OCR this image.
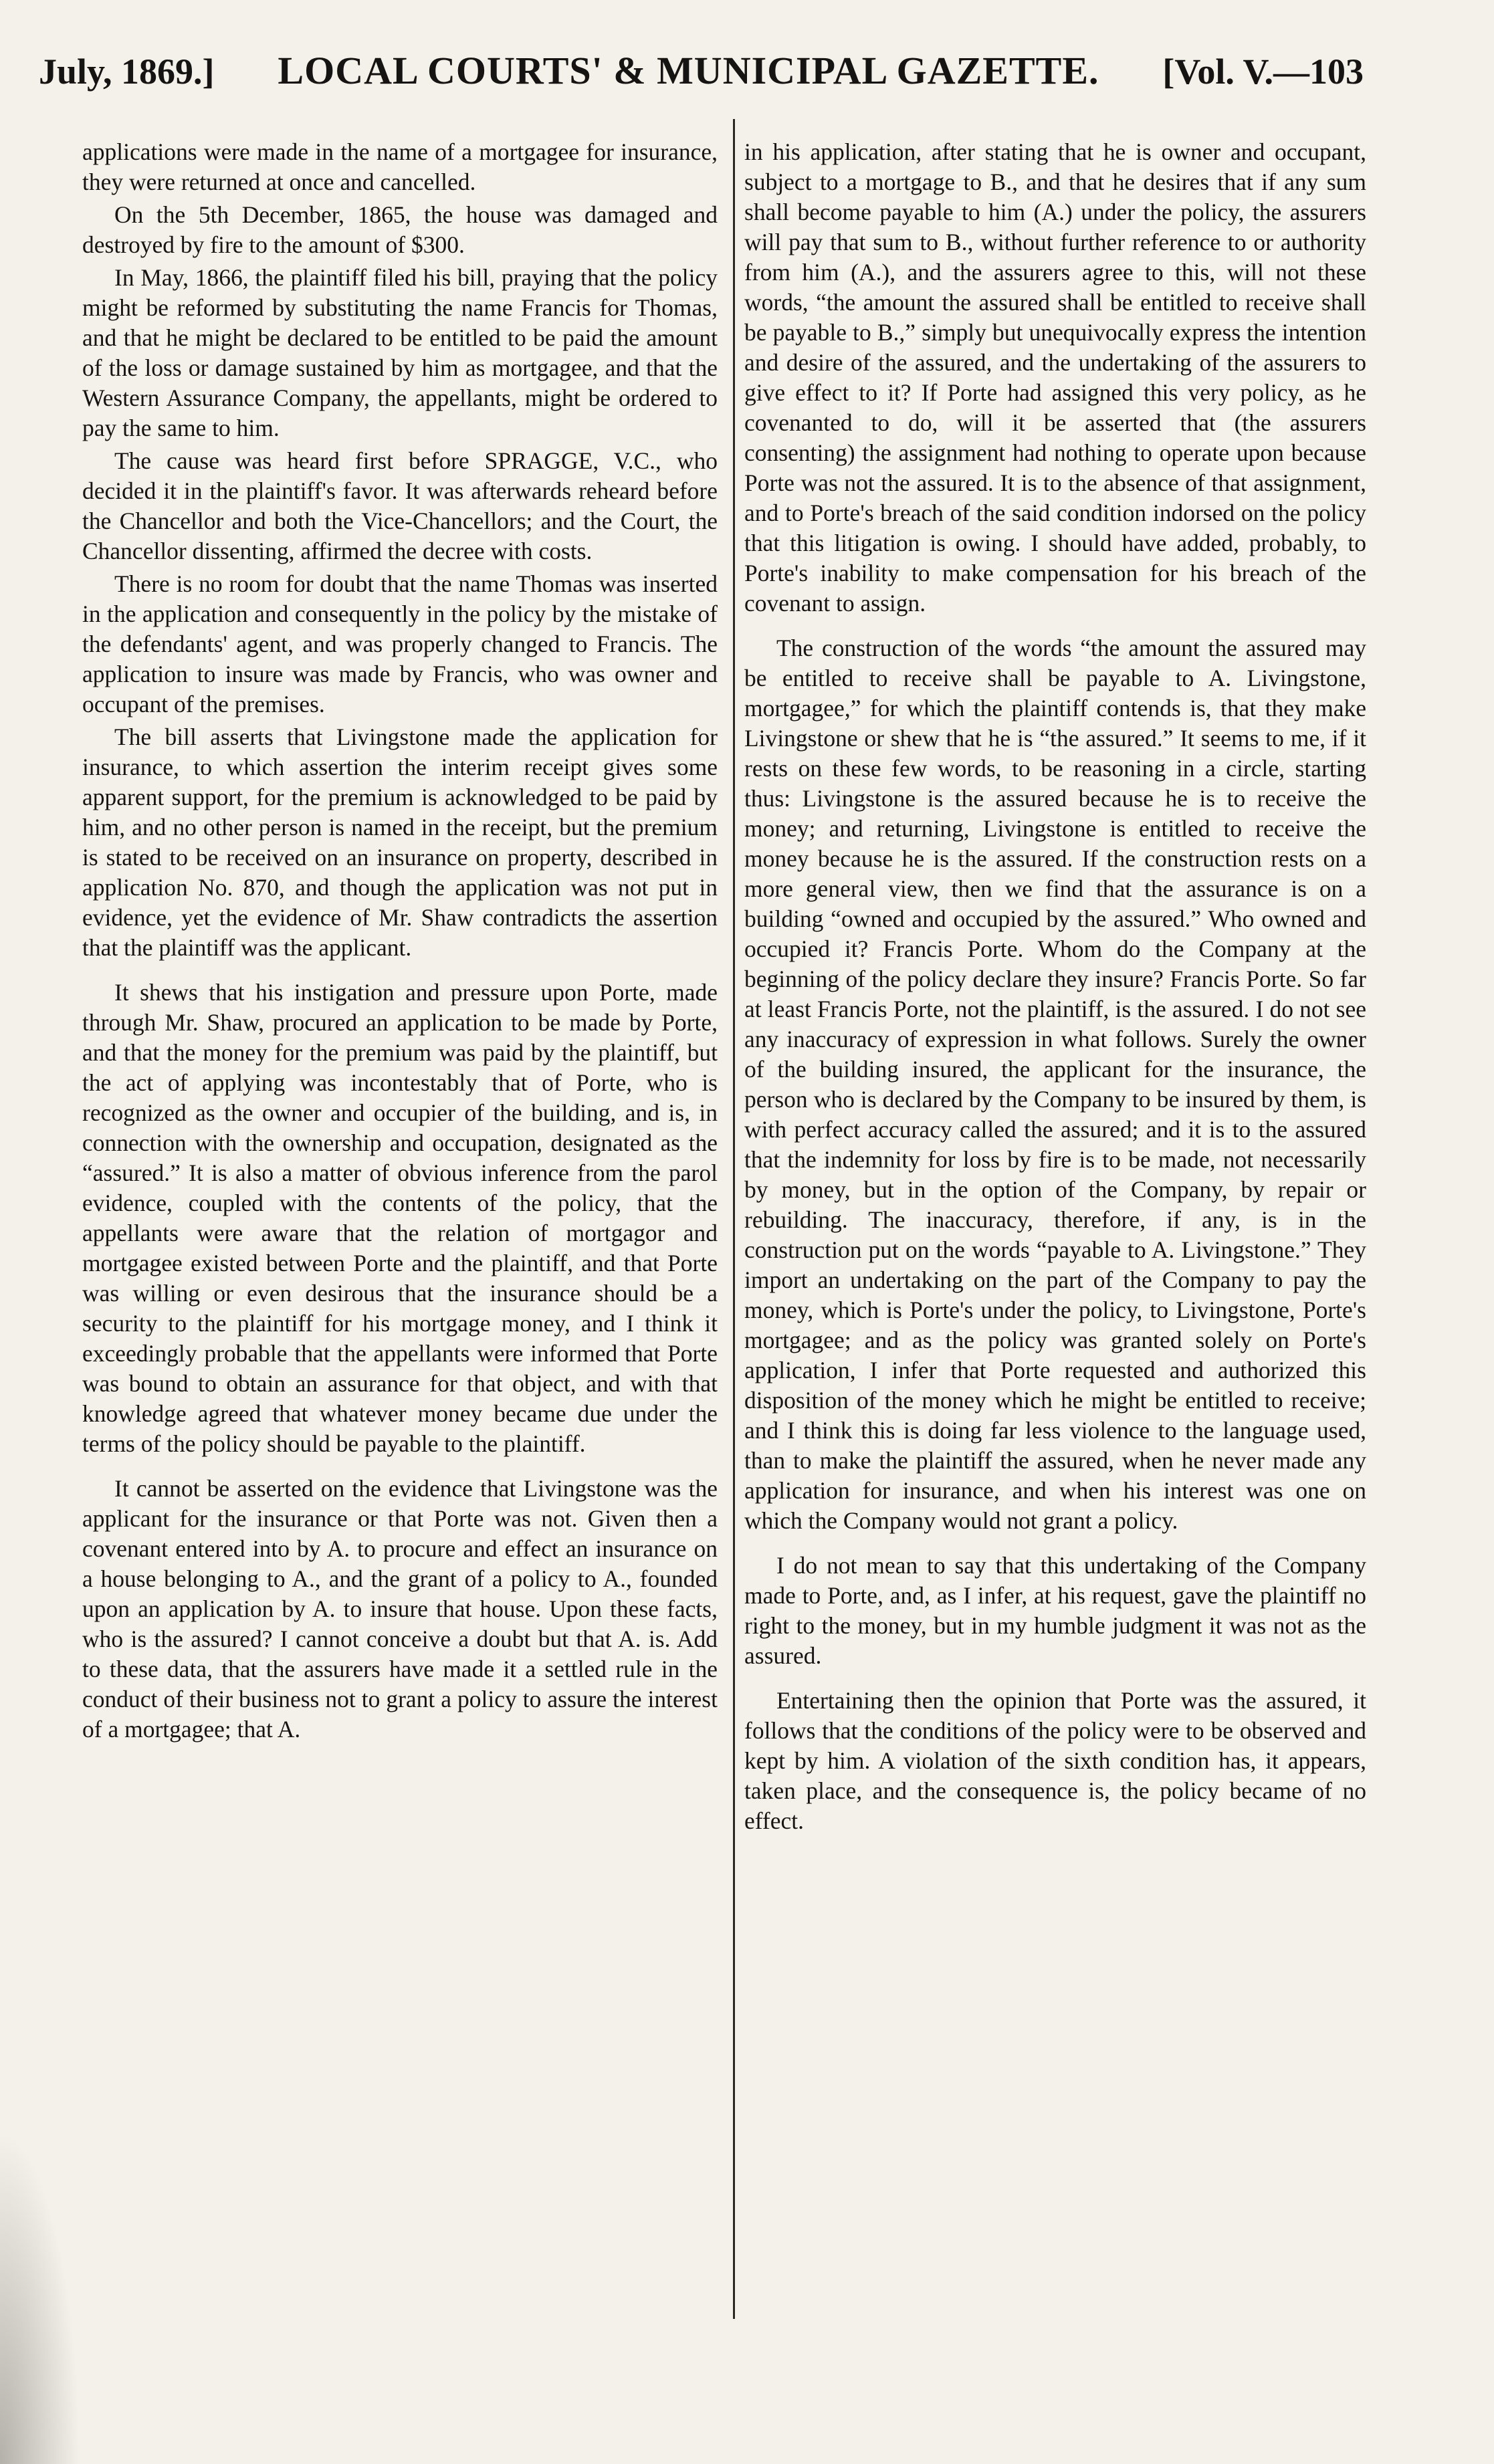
July, 1869.] LOCAL COURTS' & MUNICIPAL GAZETTE. [Vol. V.—103

applications were made in the name of a mortgagee for insurance, they were returned at once and cancelled.

On the 5th December, 1865, the house was damaged and destroyed by fire to the amount of $300.

In May, 1866, the plaintiff filed his bill, praying that the policy might be reformed by substituting the name Francis for Thomas, and that he might be declared to be entitled to be paid the amount of the loss or damage sustained by him as mortgagee, and that the Western Assurance Company, the appellants, might be ordered to pay the same to him.

The cause was heard first before SPRAGGE, V.C., who decided it in the plaintiff's favor. It was afterwards reheard before the Chancellor and both the Vice-Chancellors; and the Court, the Chancellor dissenting, affirmed the decree with costs.

There is no room for doubt that the name Thomas was inserted in the application and consequently in the policy by the mistake of the defendants' agent, and was properly changed to Francis. The application to insure was made by Francis, who was owner and occupant of the premises.

The bill asserts that Livingstone made the application for insurance, to which assertion the interim receipt gives some apparent support, for the premium is acknowledged to be paid by him, and no other person is named in the receipt, but the premium is stated to be received on an insurance on property, described in application No. 870, and though the application was not put in evidence, yet the evidence of Mr. Shaw contradicts the assertion that the plaintiff was the applicant.

It shews that his instigation and pressure upon Porte, made through Mr. Shaw, procured an application to be made by Porte, and that the money for the premium was paid by the plaintiff, but the act of applying was incontestably that of Porte, who is recognized as the owner and occupier of the building, and is, in connection with the ownership and occupation, designated as the “assured.” It is also a matter of obvious inference from the parol evidence, coupled with the contents of the policy, that the appellants were aware that the relation of mortgagor and mortgagee existed between Porte and the plaintiff, and that Porte was willing or even desirous that the insurance should be a security to the plaintiff for his mortgage money, and I think it exceedingly probable that the appellants were informed that Porte was bound to obtain an assurance for that object, and with that knowledge agreed that whatever money became due under the terms of the policy should be payable to the plaintiff.

It cannot be asserted on the evidence that Livingstone was the applicant for the insurance or that Porte was not. Given then a covenant entered into by A. to procure and effect an insurance on a house belonging to A., and the grant of a policy to A., founded upon an application by A. to insure that house. Upon these facts, who is the assured? I cannot conceive a doubt but that A. is. Add to these data, that the assurers have made it a settled rule in the conduct of their business not to grant a policy to assure the interest of a mortgagee; that A.

in his application, after stating that he is owner and occupant, subject to a mortgage to B., and that he desires that if any sum shall become payable to him (A.) under the policy, the assurers will pay that sum to B., without further reference to or authority from him (A.), and the assurers agree to this, will not these words, “the amount the assured shall be entitled to receive shall be payable to B.,” simply but unequivocally express the intention and desire of the assured, and the undertaking of the assurers to give effect to it? If Porte had assigned this very policy, as he covenanted to do, will it be asserted that (the assurers consenting) the assignment had nothing to operate upon because Porte was not the assured. It is to the absence of that assignment, and to Porte's breach of the said condition indorsed on the policy that this litigation is owing. I should have added, probably, to Porte's inability to make compensation for his breach of the covenant to assign.

The construction of the words “the amount the assured may be entitled to receive shall be payable to A. Livingstone, mortgagee,” for which the plaintiff contends is, that they make Livingstone or shew that he is “the assured.” It seems to me, if it rests on these few words, to be reasoning in a circle, starting thus: Livingstone is the assured because he is to receive the money; and returning, Livingstone is entitled to receive the money because he is the assured. If the construction rests on a more general view, then we find that the assurance is on a building “owned and occupied by the assured.” Who owned and occupied it? Francis Porte. Whom do the Company at the beginning of the policy declare they insure? Francis Porte. So far at least Francis Porte, not the plaintiff, is the assured. I do not see any inaccuracy of expression in what follows. Surely the owner of the building insured, the applicant for the insurance, the person who is declared by the Company to be insured by them, is with perfect accuracy called the assured; and it is to the assured that the indemnity for loss by fire is to be made, not necessarily by money, but in the option of the Company, by repair or rebuilding. The inaccuracy, therefore, if any, is in the construction put on the words “payable to A. Livingstone.” They import an undertaking on the part of the Company to pay the money, which is Porte's under the policy, to Livingstone, Porte's mortgagee; and as the policy was granted solely on Porte's application, I infer that Porte requested and authorized this disposition of the money which he might be entitled to receive; and I think this is doing far less violence to the language used, than to make the plaintiff the assured, when he never made any application for insurance, and when his interest was one on which the Company would not grant a policy.

I do not mean to say that this undertaking of the Company made to Porte, and, as I infer, at his request, gave the plaintiff no right to the money, but in my humble judgment it was not as the assured.

Entertaining then the opinion that Porte was the assured, it follows that the conditions of the policy were to be observed and kept by him. A violation of the sixth condition has, it appears, taken place, and the consequence is, the policy became of no effect.
